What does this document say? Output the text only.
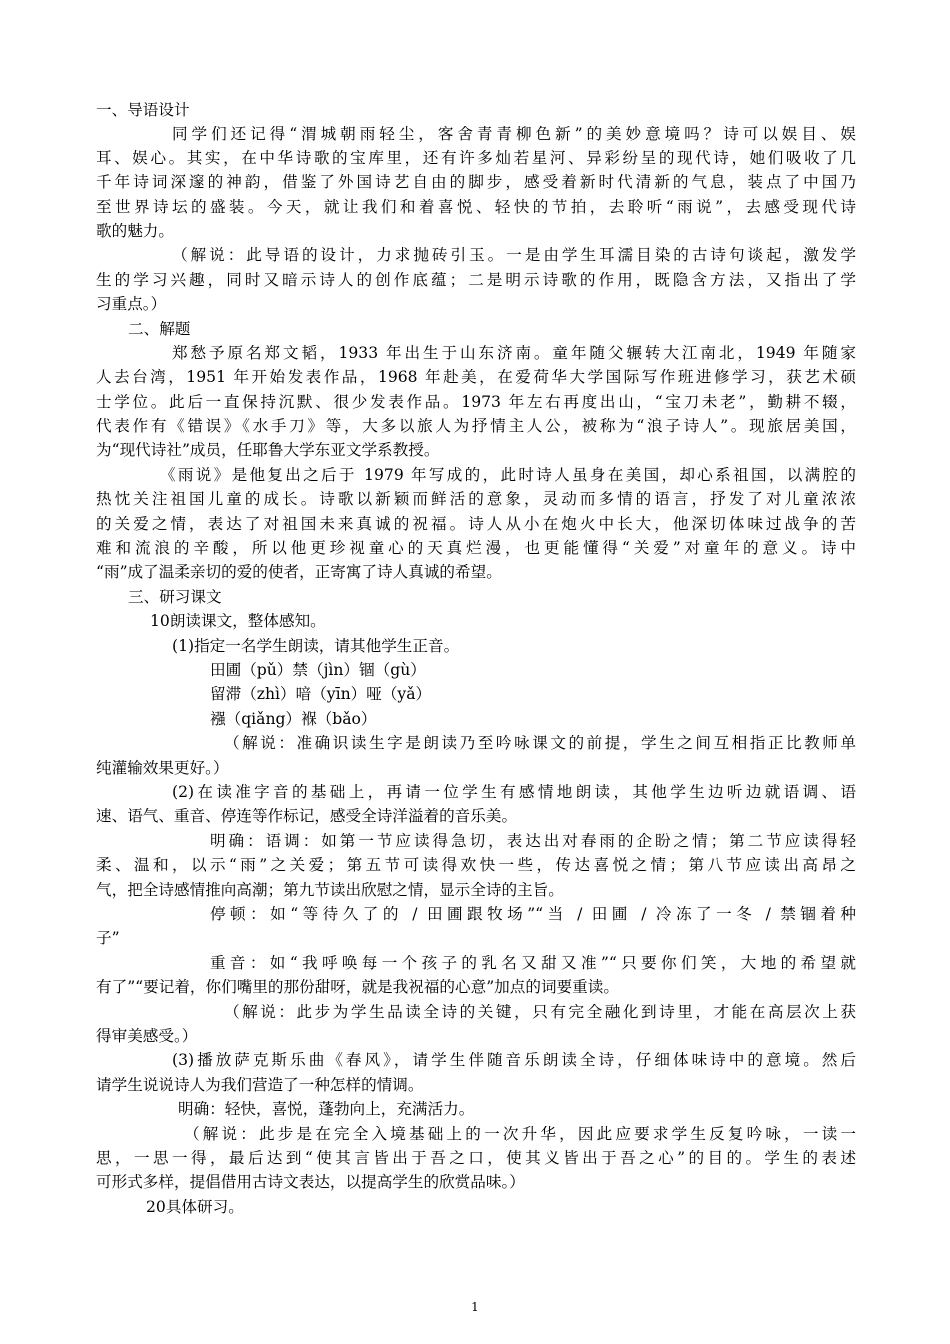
一、导语设计
同学们还记得“渭城朝雨轻尘，客舍青青柳色新”的美妙意境吗？诗可以娱目、娱
耳、娱心。其实，在中华诗歌的宝库里，还有许多灿若星河、异彩纷呈的现代诗，她们吸收了几
千年诗词深邃的神韵，借鉴了外国诗艺自由的脚步，感受着新时代清新的气息，装点了中国乃
至世界诗坛的盛装。今天，就让我们和着喜悦、轻快的节拍，去聆听“雨说”，去感受现代诗
歌的魅力。
（解说：此导语的设计，力求抛砖引玉。一是由学生耳濡目染的古诗句谈起，激发学
生的学习兴趣，同时又暗示诗人的创作底蕴；二是明示诗歌的作用，既隐含方法，又指出了学
习重点。）
二、解题
郑愁予原名郑文韬，1933 年出生于山东济南。童年随父辗转大江南北，1949 年随家
人去台湾，1951 年开始发表作品，1968 年赴美，在爱荷华大学国际写作班进修学习，获艺术硕
士学位。此后一直保持沉默、很少发表作品。1973 年左右再度出山，“宝刀未老”，勤耕不辍，
代表作有《错误》《水手刀》等，大多以旅人为抒情主人公，被称为“浪子诗人”。现旅居美国，
为“现代诗社”成员，任耶鲁大学东亚文学系教授。
《雨说》是他复出之后于 1979 年写成的，此时诗人虽身在美国，却心系祖国，以满腔的
热忱关注祖国儿童的成长。诗歌以新颖而鲜活的意象，灵动而多情的语言，抒发了对儿童浓浓
的关爱之情，表达了对祖国未来真诚的祝福。诗人从小在炮火中长大，他深切体味过战争的苦
难和流浪的辛酸，所以他更珍视童心的天真烂漫，也更能懂得“关爱”对童年的意义。诗中
“雨”成了温柔亲切的爱的使者，正寄寓了诗人真诚的希望。
三、研习课文
10朗读课文，整体感知。
(1)指定一名学生朗读，请其他学生正音。
田圃（pǔ）禁（jìn）锢（gù）
留滞（zhì）喑（yīn）哑（yǎ）
襁（qiǎng）褓（bǎo）
（解说：准确识读生字是朗读乃至吟咏课文的前提，学生之间互相指正比教师单
纯灌输效果更好。）
(2)在读准字音的基础上，再请一位学生有感情地朗读，其他学生边听边就语调、语
速、语气、重音、停连等作标记，感受全诗洋溢着的音乐美。
明确：语调：如第一节应读得急切，表达出对春雨的企盼之情；第二节应读得轻
柔、温和，以示“雨”之关爱；第五节可读得欢快一些，传达喜悦之情；第八节应读出高昂之
气，把全诗感情推向高潮；第九节读出欣慰之情，显示全诗的主旨。
停顿：如“等待久了的 / 田圃跟牧场”“当 / 田圃 / 冷冻了一冬 / 禁锢着种
子”
重音：如“我呼唤每一个孩子的乳名又甜又准”“只要你们笑，大地的希望就
有了”“要记着，你们嘴里的那份甜呀，就是我祝福的心意”加点的词要重读。
（解说：此步为学生品读全诗的关键，只有完全融化到诗里，才能在高层次上获
得审美感受。）
(3)播放萨克斯乐曲《春风》，请学生伴随音乐朗读全诗，仔细体味诗中的意境。然后
请学生说说诗人为我们营造了一种怎样的情调。
明确：轻快，喜悦，蓬勃向上，充满活力。
（解说：此步是在完全入境基础上的一次升华，因此应要求学生反复吟咏，一读一
思，一思一得，最后达到“使其言皆出于吾之口，使其义皆出于吾之心”的目的。学生的表述
可形式多样，提倡借用古诗文表达，以提高学生的欣赏品味。）
20具体研习。
1
